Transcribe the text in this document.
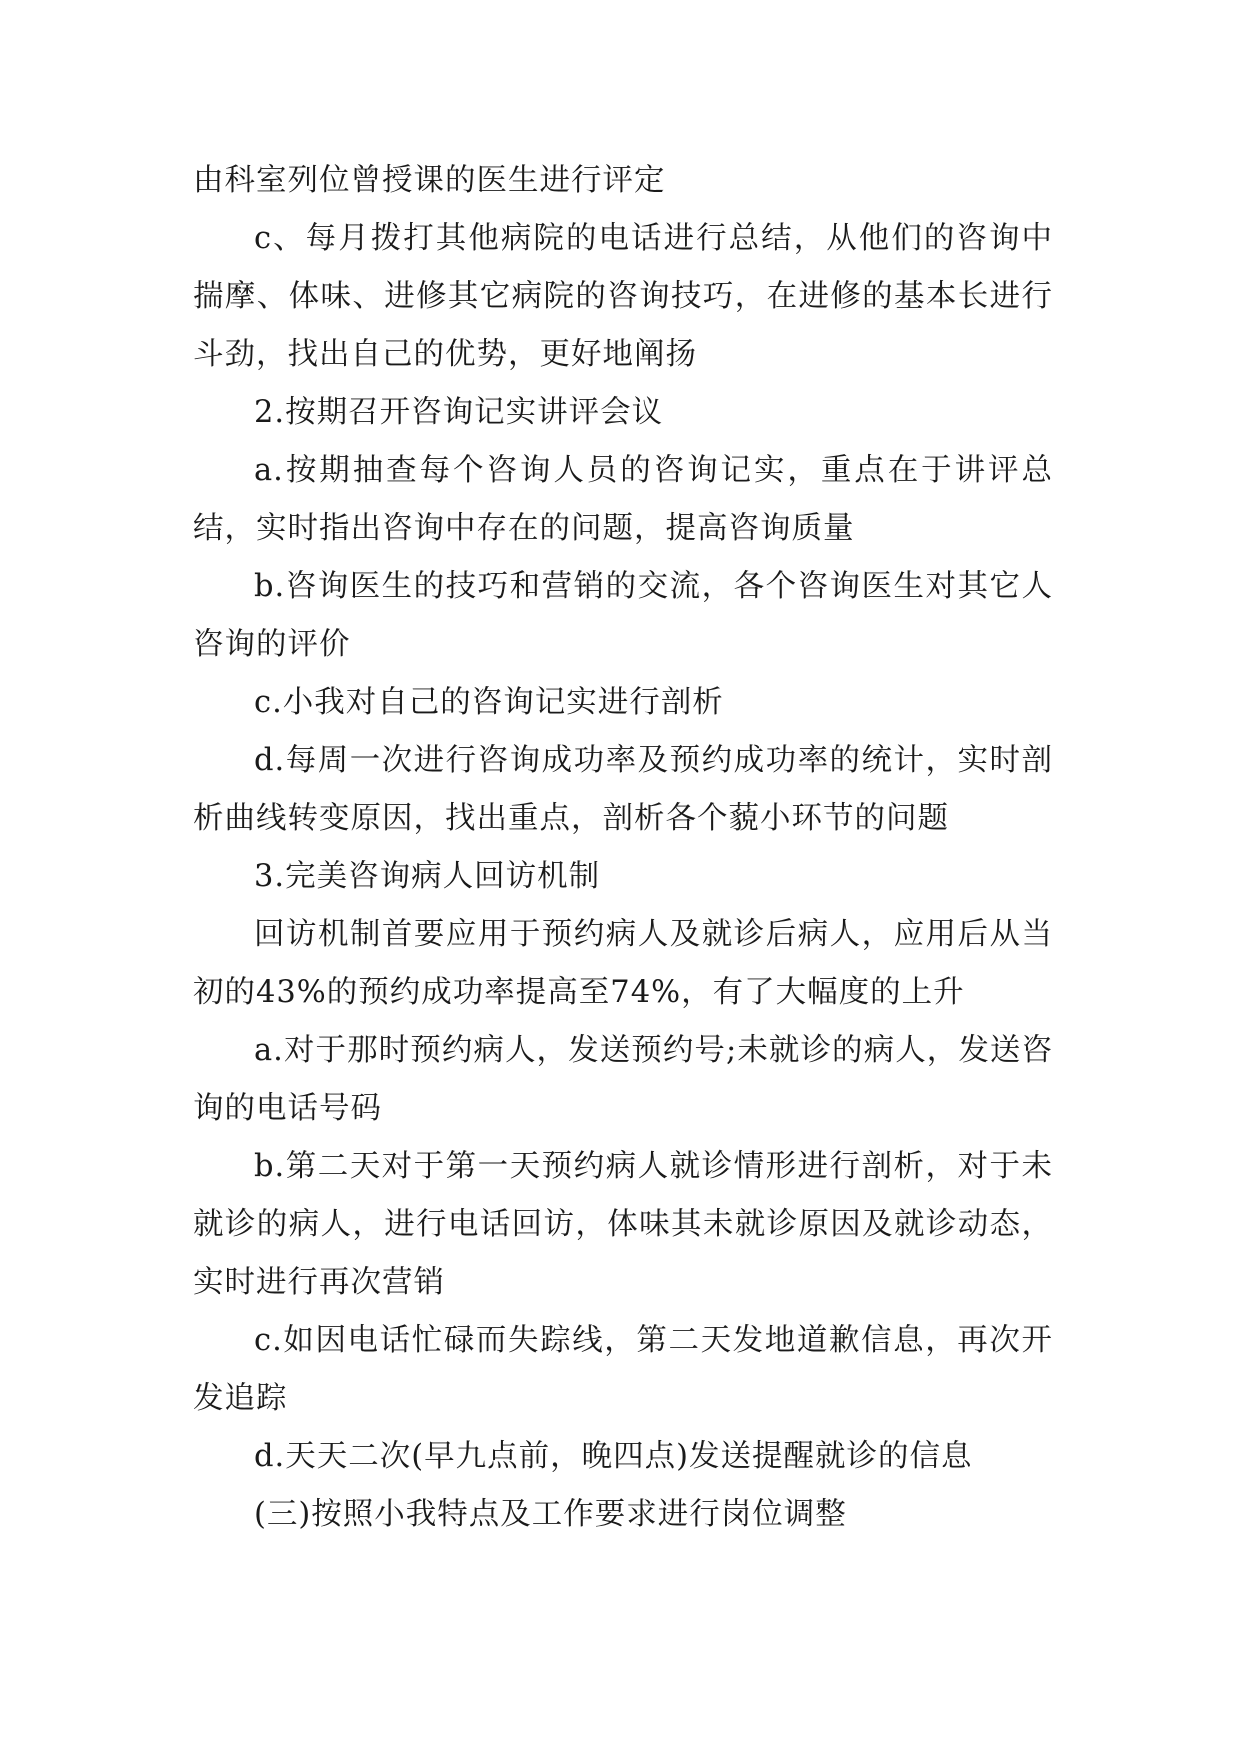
由科室列位曾授课的医生进行评定

c、每月拨打其他病院的电话进行总结，从他们的咨询中揣摩、体味、进修其它病院的咨询技巧，在进修的基本长进行斗劲，找出自己的优势，更好地阐扬

2.按期召开咨询记实讲评会议

a.按期抽查每个咨询人员的咨询记实，重点在于讲评总结，实时指出咨询中存在的问题，提高咨询质量

b.咨询医生的技巧和营销的交流，各个咨询医生对其它人咨询的评价

c.小我对自己的咨询记实进行剖析

d.每周一次进行咨询成功率及预约成功率的统计，实时剖析曲线转变原因，找出重点，剖析各个藐小环节的问题

3.完美咨询病人回访机制

回访机制首要应用于预约病人及就诊后病人，应用后从当初的43%的预约成功率提高至74%，有了大幅度的上升

a.对于那时预约病人，发送预约号;未就诊的病人，发送咨询的电话号码

b.第二天对于第一天预约病人就诊情形进行剖析，对于未就诊的病人，进行电话回访，体味其未就诊原因及就诊动态，实时进行再次营销

c.如因电话忙碌而失踪线，第二天发地道歉信息，再次开发追踪

d.天天二次(早九点前，晚四点)发送提醒就诊的信息

(三)按照小我特点及工作要求进行岗位调整
